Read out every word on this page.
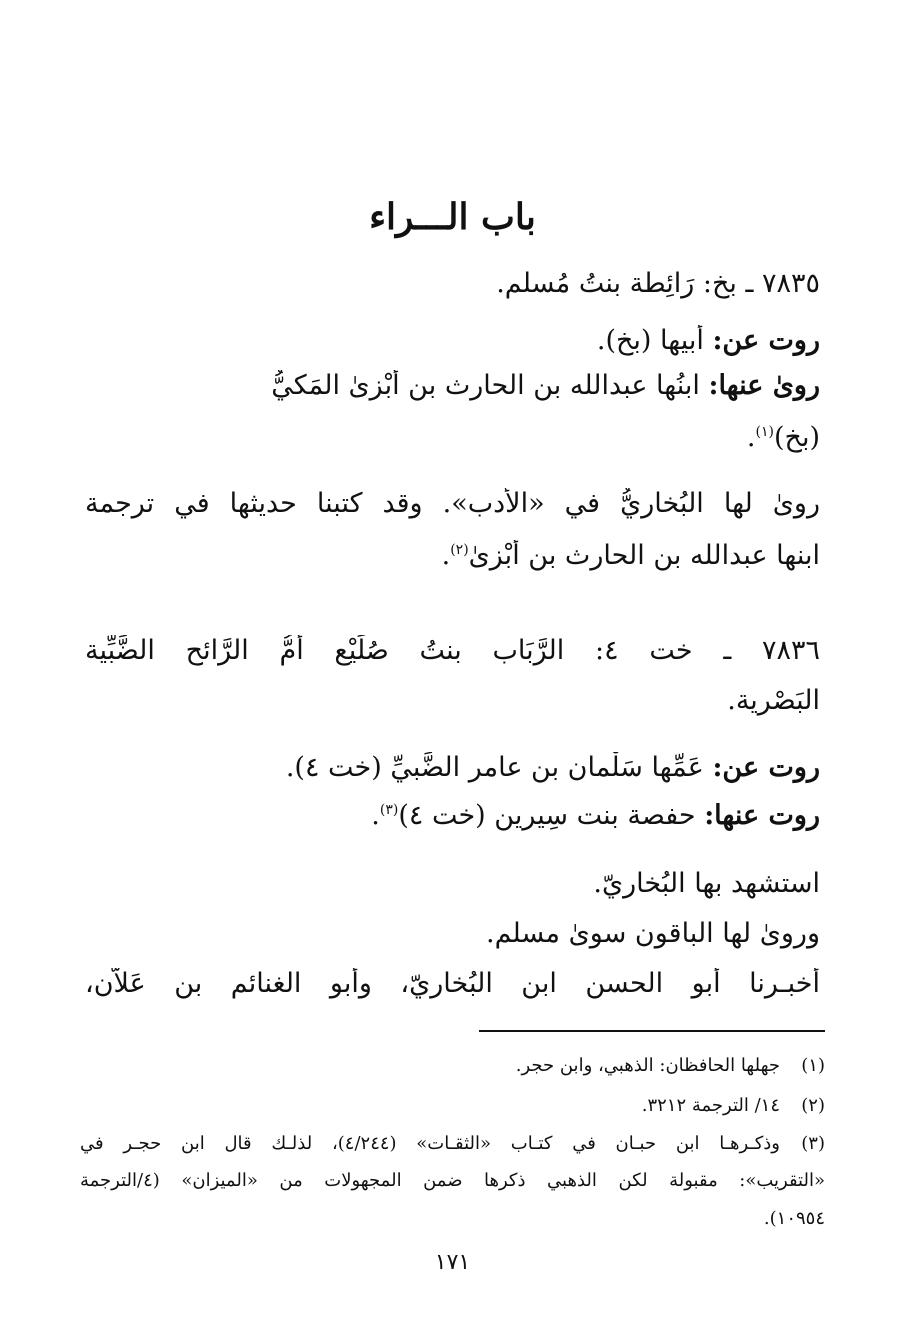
باب الـــراء

٧٨٣٥ ـ بخ: رَائِطة بنتُ مُسلم.

روت عن: أبيها (بخ).

روىٰ عنها: ابنُها عبدالله بن الحارث بن أَبْزىٰ المَكيُّ

(بخ)$^{(١)}$.

روىٰ لها البُخاريُّ في «الأدب». وقد كتبنا حديثها في ترجمة

ابنها عبدالله بن الحارث بن أَبْزىٰ$^{(٢)}$.

٧٨٣٦ ـ خت ٤: الرَّبَاب بنتُ صُلَيْع أُمُّ الرَّائح الضَّبِّية

البَصْرية.

روت عن: عَمِّها سَلْمان بن عامر الضَّبيِّ (خت ٤).

روت عنها: حفصة بنت سِيرين (خت ٤)$^{(٣)}$.

استشهد بها البُخاريّ.

وروىٰ لها الباقون سوىٰ مسلم.

أخبـرنا أبو الحسن ابن البُخاريّ، وأبو الغنائم بن عَلاّن،

(١)جهلها الحافظان: الذهبي، وابن حجر.

(٢)١٤/ الترجمة ٣٢١٢.

(٣)وذكـرهـا ابن حبـان في كتـاب «الثقـات» (٤/٢٤٤)، لذلـك قال ابن حجـر في

«التقريب»: مقبولة لكن الذهبي ذكرها ضمن المجهولات من «الميزان» (٤/الترجمة

١٠٩٥٤).

١٧١
